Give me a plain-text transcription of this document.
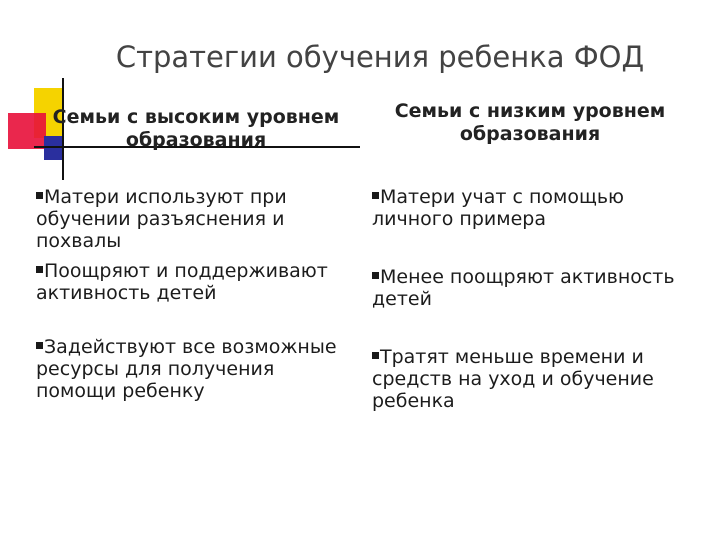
Стратегии обучения ребенка ФОД
Семьи с высоким уровнем образования
Семьи с низким уровнем образования
Матери используют при обучении разъяснения и похвалы
Поощряют и поддерживают активность детей
Задействуют все возможные ресурсы для получения помощи ребенку
Матери учат с помощью личного примера
Менее поощряют активность детей
Тратят меньше времени и средств на уход и обучение ребенка
